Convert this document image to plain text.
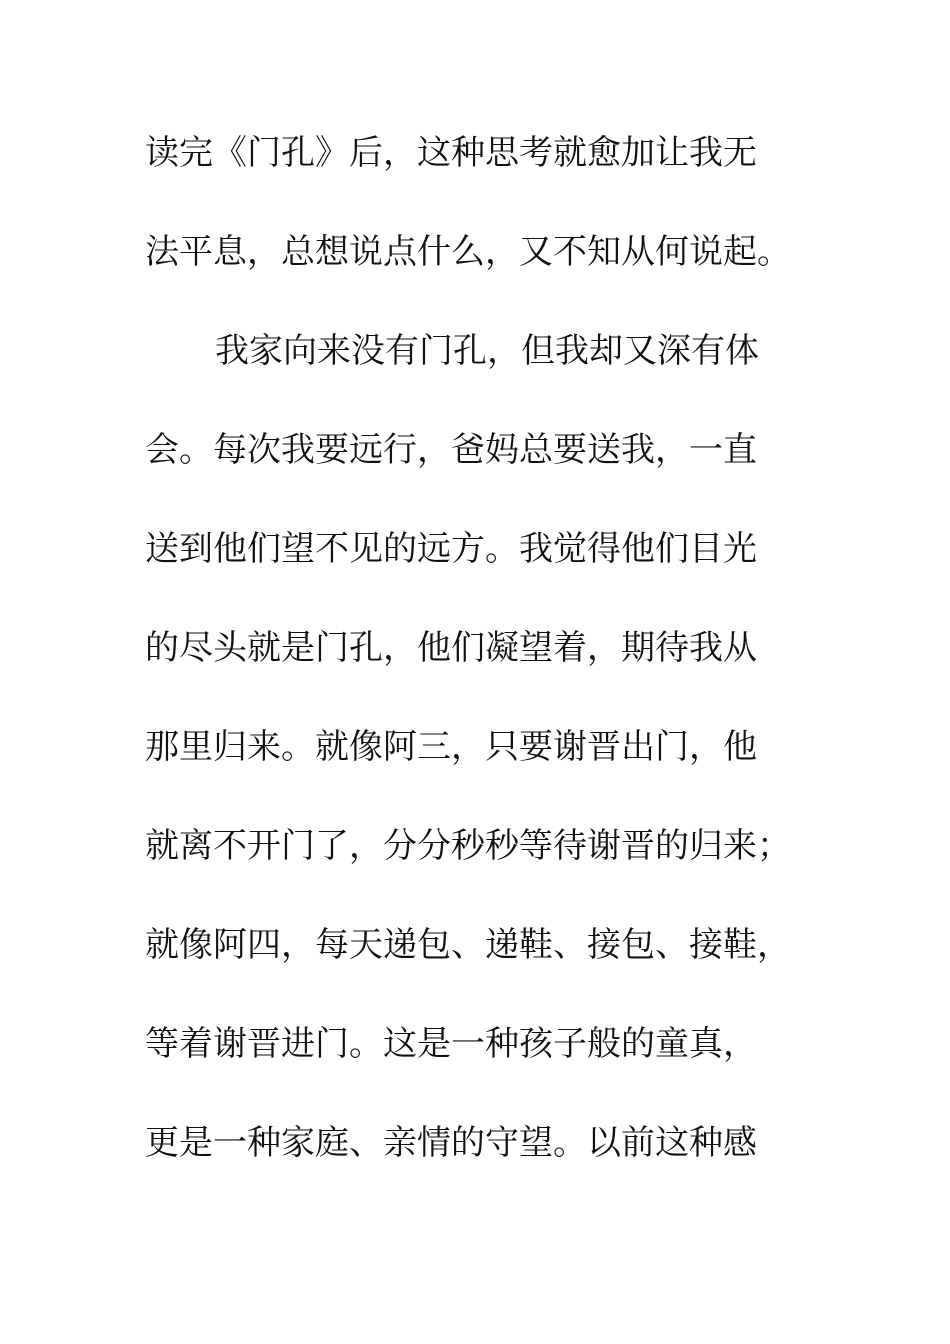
读完《门孔》后，这种思考就愈加让我无
法平息，总想说点什么，又不知从何说起。
我家向来没有门孔，但我却又深有体
会。每次我要远行，爸妈总要送我，一直
送到他们望不见的远方。我觉得他们目光
的尽头就是门孔，他们凝望着，期待我从
那里归来。就像阿三，只要谢晋出门，他
就离不开门了，分分秒秒等待谢晋的归来；
就像阿四，每天递包、递鞋、接包、接鞋，
等着谢晋进门。这是一种孩子般的童真，
更是一种家庭、亲情的守望。以前这种感
